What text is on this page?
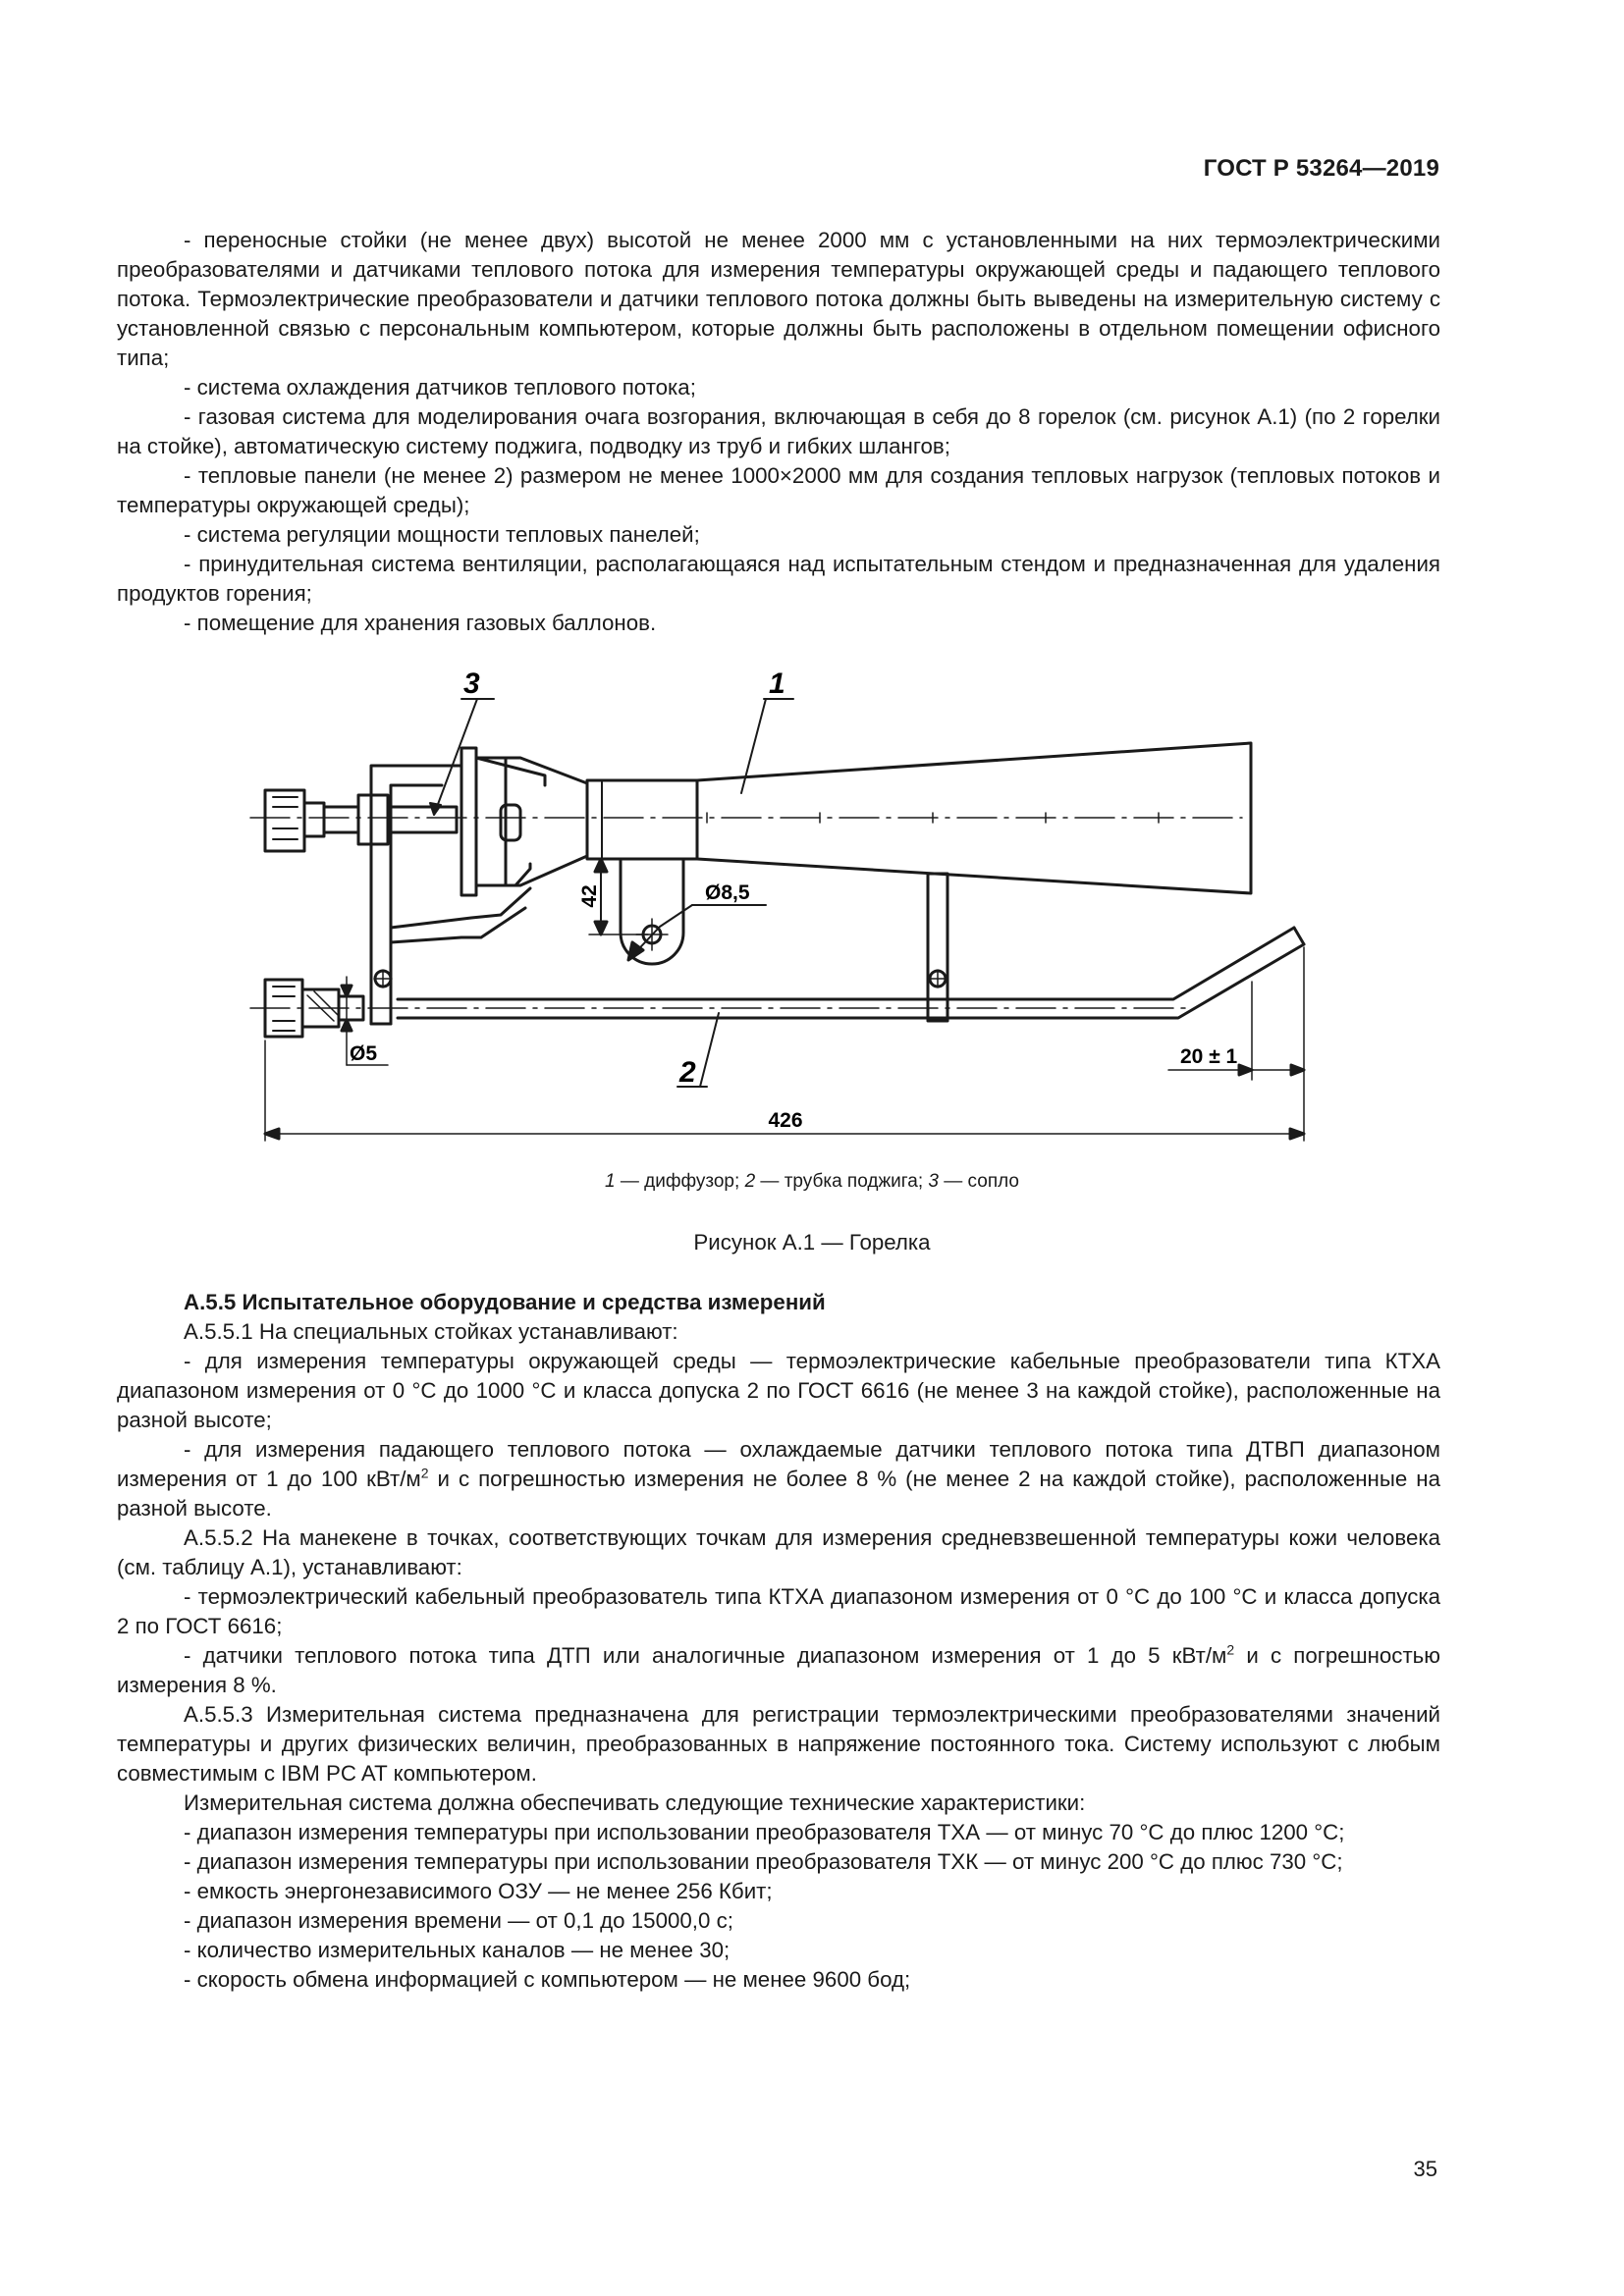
ГОСТ Р 53264—2019

- переносные стойки (не менее двух) высотой не менее 2000 мм с установленными на них термоэлектрическими преобразователями и датчиками теплового потока для измерения температуры окружающей среды и падающего теплового потока. Термоэлектрические преобразователи и датчики теплового потока должны быть выведены на измерительную систему с установленной связью с персональным компьютером, которые должны быть расположены в отдельном помещении офисного типа;

- система охлаждения датчиков теплового потока;

- газовая система для моделирования очага возгорания, включающая в себя до 8 горелок (см. рисунок А.1) (по 2 горелки на стойке), автоматическую систему поджига, подводку из труб и гибких шлангов;

- тепловые панели (не менее 2) размером не менее 1000×2000 мм для создания тепловых нагрузок (тепловых потоков и температуры окружающей среды);

- система регуляции мощности тепловых панелей;

- принудительная система вентиляции, располагающаяся над испытательным стендом и предназначенная для удаления продуктов горения;

- помещение для хранения газовых баллонов.

3	1
2
42	Ø8,5
Ø5	20 ± 1
426
1 — диффузор; 2 — трубка поджига; 3 — сопло
Рисунок А.1 — Горелка

А.5.5 Испытательное оборудование и средства измерений

А.5.5.1 На специальных стойках устанавливают:

- для измерения температуры окружающей среды — термоэлектрические кабельные преобразователи типа КТХА диапазоном измерения от 0 °С до 1000 °С и класса допуска 2 по ГОСТ 6616 (не менее 3 на каждой стойке), расположенные на разной высоте;

- для измерения падающего теплового потока — охлаждаемые датчики теплового потока типа ДТВП диапазоном измерения от 1 до 100 кВт/$м^2$ и с погрешностью измерения не более 8 % (не менее 2 на каждой стойке), расположенные на разной высоте.

А.5.5.2 На манекене в точках, соответствующих точкам для измерения средневзвешенной температуры кожи человека (см. таблицу А.1), устанавливают:

- термоэлектрический кабельный преобразователь типа КТХА диапазоном измерения от 0 °С до 100 °С и класса допуска 2 по ГОСТ 6616;

- датчики теплового потока типа ДТП или аналогичные диапазоном измерения от 1 до 5 кВт/$м^2$ и с погрешностью измерения 8 %.

А.5.5.3 Измерительная система предназначена для регистрации термоэлектрическими преобразователями значений температуры и других физических величин, преобразованных в напряжение постоянного тока. Систему используют с любым совместимым с IBM PC AT компьютером.

Измерительная система должна обеспечивать следующие технические характеристики:

- диапазон измерения температуры при использовании преобразователя ТХА — от минус 70 °С до плюс 1200 °С;

- диапазон измерения температуры при использовании преобразователя ТХК — от минус 200 °С до плюс 730 °С;

- емкость энергонезависимого ОЗУ — не менее 256 Кбит;

- диапазон измерения времени — от 0,1 до 15000,0 с;

- количество измерительных каналов — не менее 30;

- скорость обмена информацией с компьютером — не менее 9600 бод;

35
